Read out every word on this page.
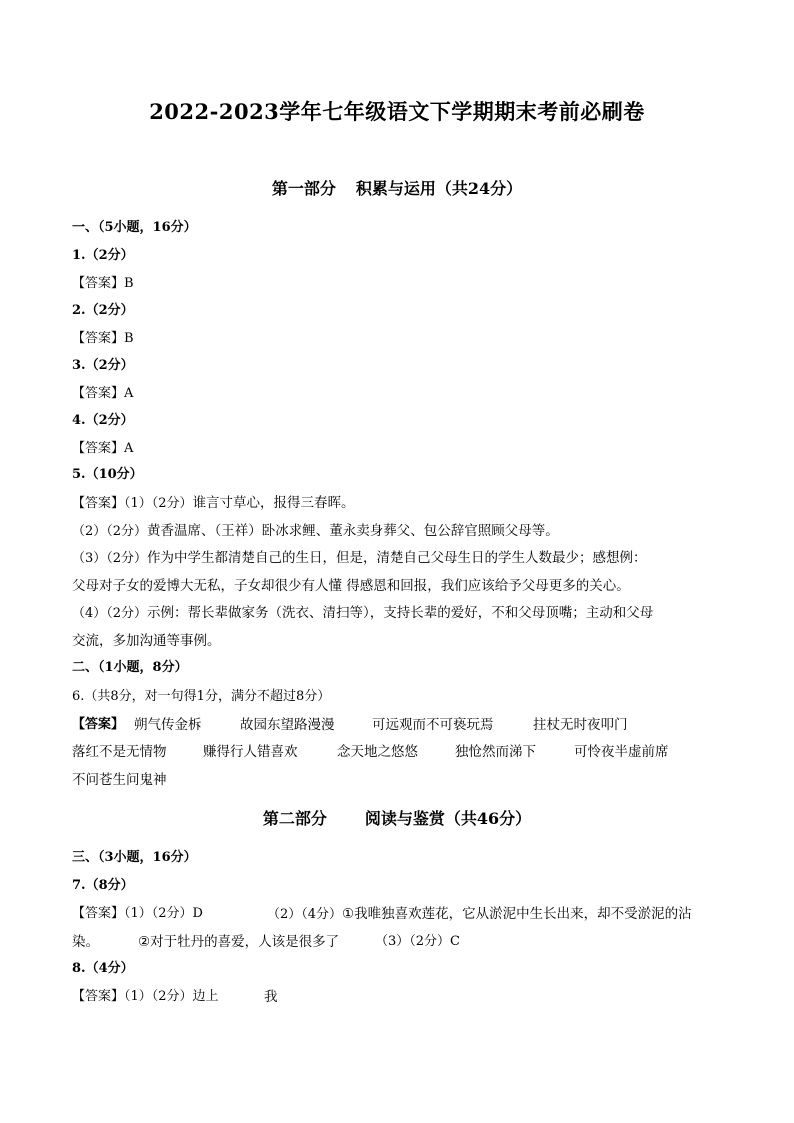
2022-2023学年七年级语文下学期期末考前必刷卷
第一部分 积累与运用（共24分）
一、（5小题，16分）
1.（2分）
【答案】B
2.（2分）
【答案】B
3.（2分）
【答案】A
4.（2分）
【答案】A
5.（10分）
【答案】（1）（2分）谁言寸草心，报得三春晖。
（2）（2分）黄香温席、（王祥）卧冰求鲤、董永卖身葬父、包公辞官照顾父母等。
（3）（2分）作为中学生都清楚自己的生日，但是，清楚自己父母生日的学生人数最少；感想例：
父母对子女的爱博大无私，子女却很少有人懂 得感恩和回报，我们应该给予父母更多的关心。
（4）（2分）示例：帮长辈做家务（洗衣、清扫等），支持长辈的爱好，不和父母顶嘴；主动和父母
交流，多加沟通等事例。
二、（1小题，8分）
6.（共8分，对一句得1分，满分不超过8分）
【答案】 朔气传金柝	故园东望路漫漫	可远观而不可亵玩焉	拄杖无时夜叩门
落红不是无情物	赚得行人错喜欢	念天地之悠悠	独怆然而涕下	可怜夜半虚前席
不问苍生问鬼神
第二部分 阅读与鉴赏（共46分）
三、（3小题，16分）
7.（8分）
【答案】（1）（2分）D	（2）（4分）①我唯独喜欢莲花，它从淤泥中生长出来，却不受淤泥的沾
染。	②对于牡丹的喜爱，人该是很多了	（3）（2分）C
8.（4分）
【答案】（1）（2分）边上	我
